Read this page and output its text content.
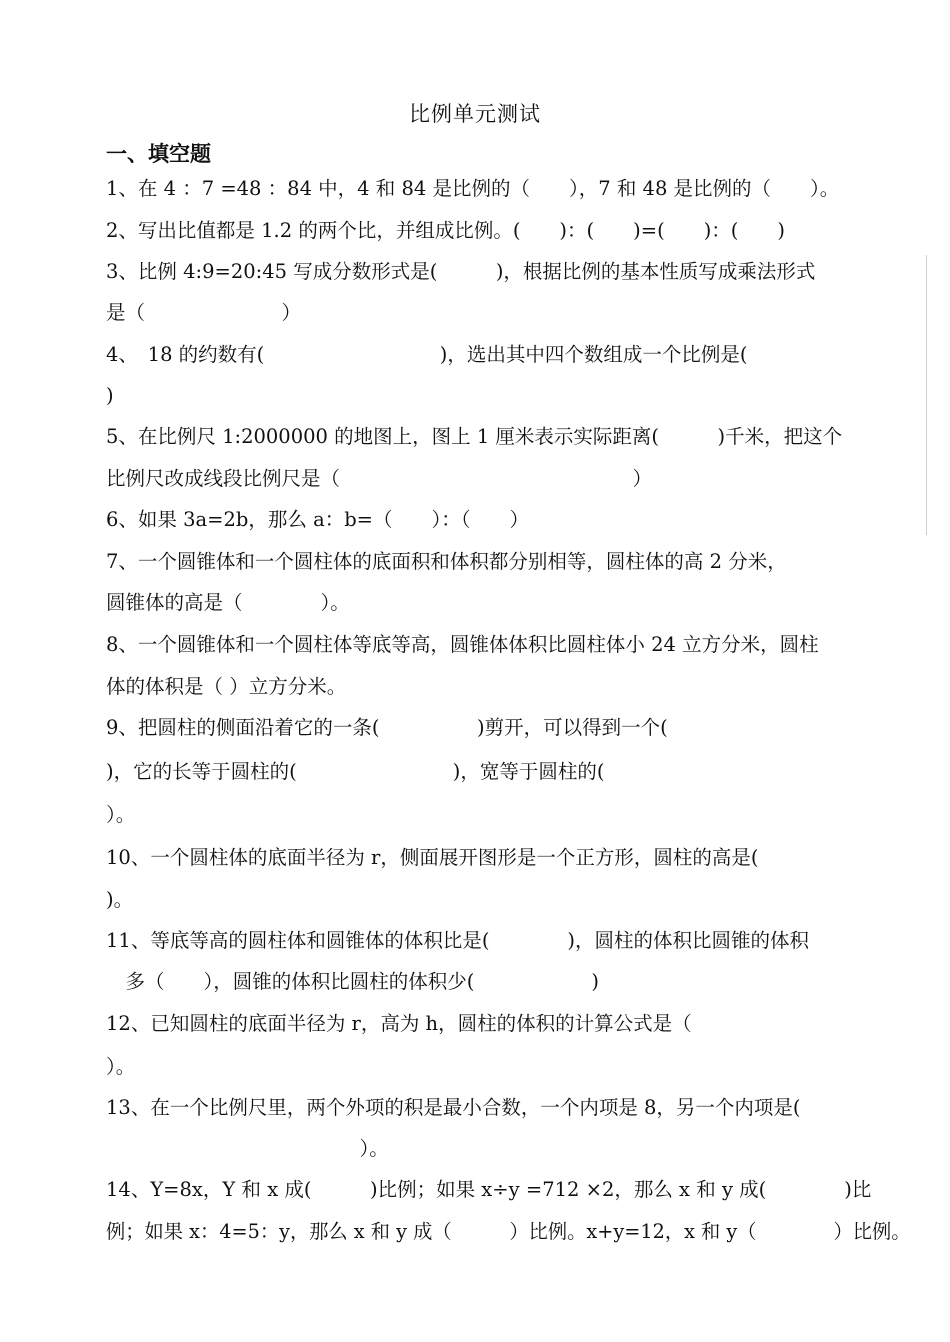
比例单元测试
一、填空题
1、在 4 ：7 =48 ：84 中，4 和 84 是比例的（　　），7 和 48 是比例的（　　）。
2、写出比值都是 1.2 的两个比，并组成比例。(　　)：(　　)=(　　)：(　　)
3、比例 4:9=20:45 写成分数形式是(　　　)，根据比例的基本性质写成乘法形式
是（　　　　　　　）
4、　18 的约数有(　　　　　　　　　)，选出其中四个数组成一个比例是(
)
5、在比例尺 1:2000000 的地图上，图上 1 厘米表示实际距离(　　　)千米，把这个
比例尺改成线段比例尺是（　　　　　　　　　　　　　　　）
6、如果 3a=2b，那么 a：b=（　　）：（　　）
7、一个圆锥体和一个圆柱体的底面积和体积都分别相等，圆柱体的高 2 分米，
圆锥体的高是（　　　　）。
8、一个圆锥体和一个圆柱体等底等高，圆锥体体积比圆柱体小 24 立方分米，圆柱
体的体积是（ ）立方分米。
9、把圆柱的侧面沿着它的一条(　　　　　)剪开，可以得到一个(
)，它的长等于圆柱的(　　　　　　　　)，宽等于圆柱的(
）。
10、一个圆柱体的底面半径为 r，侧面展开图形是一个正方形，圆柱的高是(
)。
11、等底等高的圆柱体和圆锥体的体积比是(　　　　)，圆柱的体积比圆锥的体积
　多（　　），圆锥的体积比圆柱的体积少(　　　　　　)
12、已知圆柱的底面半径为 r，高为 h，圆柱的体积的计算公式是（
）。
13、在一个比例尺里，两个外项的积是最小合数，一个内项是 8，另一个内项是(
　　　　　　　　　　　　　）。
14、Y=8x，Y 和 x 成(　　　)比例；如果 x÷y =712 ×2，那么 x 和 y 成(　　　　)比
例；如果 x：4=5：y，那么 x 和 y 成（　　　）比例。x+y=12，x 和 y（　　　　）比例。
